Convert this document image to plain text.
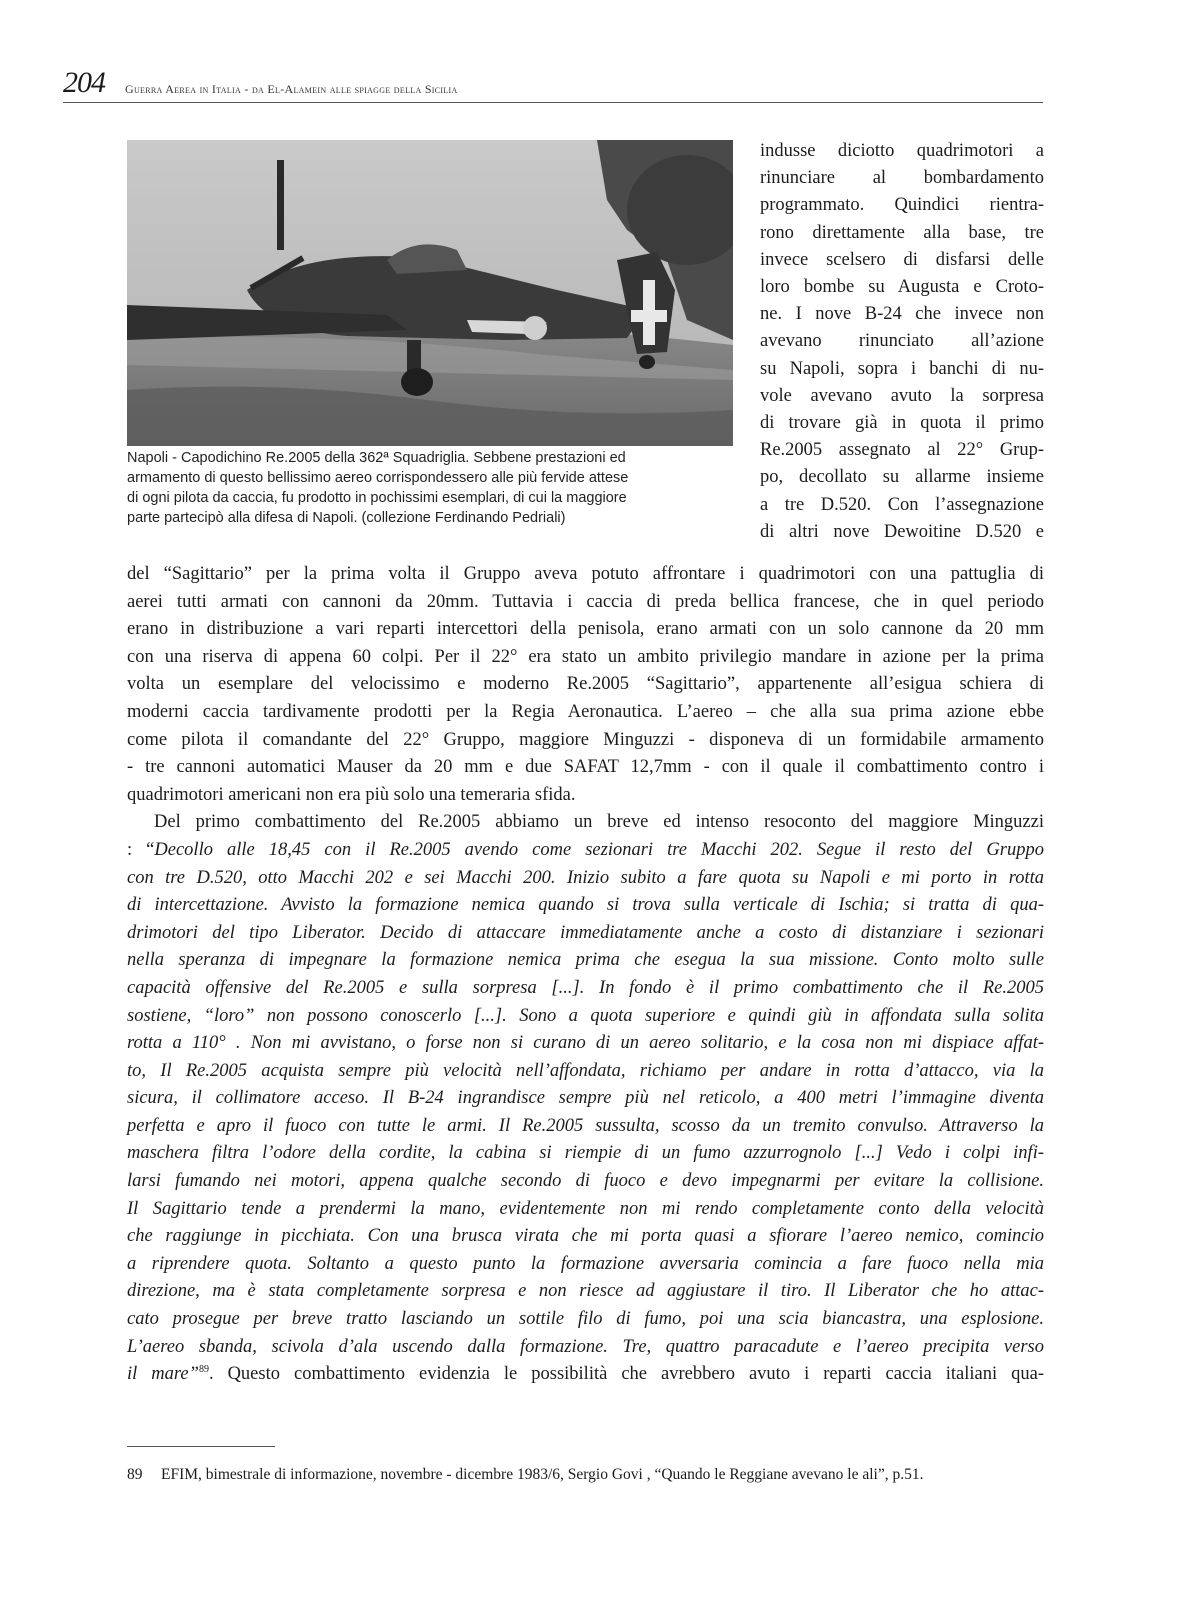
204 Guerra Aerea in Italia - da El-Alamein alle spiagge della Sicilia
Napoli - Capodichino Re.2005 della 362ª Squadriglia. Sebbene prestazioni ed
armamento di questo bellissimo aereo corrispondessero alle più fervide attese
di ogni pilota da caccia, fu prodotto in pochissimi esemplari, di cui la maggiore
parte partecipò alla difesa di Napoli. (collezione Ferdinando Pedriali)
indusse diciotto quadrimotori a
rinunciare al bombardamento
programmato. Quindici rientra-
rono direttamente alla base, tre
invece scelsero di disfarsi delle
loro bombe su Augusta e Croto-
ne. I nove B-24 che invece non
avevano rinunciato all’azione
su Napoli, sopra i banchi di nu-
vole avevano avuto la sorpresa
di trovare già in quota il primo
Re.2005 assegnato al 22° Grup-
po, decollato su allarme insieme
a tre D.520. Con l’assegnazione
di altri nove Dewoitine D.520 e
del “Sagittario” per la prima volta il Gruppo aveva potuto affrontare i quadrimotori con una pattuglia di
aerei tutti armati con cannoni da 20mm. Tuttavia i caccia di preda bellica francese, che in quel periodo
erano in distribuzione a vari reparti intercettori della penisola, erano armati con un solo cannone da 20 mm
con una riserva di appena 60 colpi. Per il 22° era stato un ambito privilegio mandare in azione per la prima
volta un esemplare del velocissimo e moderno Re.2005 “Sagittario”, appartenente all’esigua schiera di
moderni caccia tardivamente prodotti per la Regia Aeronautica. L’aereo – che alla sua prima azione ebbe
come pilota il comandante del 22° Gruppo, maggiore Minguzzi - disponeva di un formidabile armamento
- tre cannoni automatici Mauser da 20 mm e due SAFAT 12,7mm - con il quale il combattimento contro i
quadrimotori americani non era più solo una temeraria sfida.
Del primo combattimento del Re.2005 abbiamo un breve ed intenso resoconto del maggiore Minguzzi
: “Decollo alle 18,45 con il Re.2005 avendo come sezionari tre Macchi 202. Segue il resto del Gruppo
con tre D.520, otto Macchi 202 e sei Macchi 200. Inizio subito a fare quota su Napoli e mi porto in rotta
di intercettazione. Avvisto la formazione nemica quando si trova sulla verticale di Ischia; si tratta di qua-
drimotori del tipo Liberator. Decido di attaccare immediatamente anche a costo di distanziare i sezionari
nella speranza di impegnare la formazione nemica prima che esegua la sua missione. Conto molto sulle
capacità offensive del Re.2005 e sulla sorpresa [...]. In fondo è il primo combattimento che il Re.2005
sostiene, “loro” non possono conoscerlo [...]. Sono a quota superiore e quindi giù in affondata sulla solita
rotta a 110° . Non mi avvistano, o forse non si curano di un aereo solitario, e la cosa non mi dispiace affat-
to, Il Re.2005 acquista sempre più velocità nell’affondata, richiamo per andare in rotta d’attacco, via la
sicura, il collimatore acceso. Il B-24 ingrandisce sempre più nel reticolo, a 400 metri l’immagine diventa
perfetta e apro il fuoco con tutte le armi. Il Re.2005 sussulta, scosso da un tremito convulso. Attraverso la
maschera filtra l’odore della cordite, la cabina si riempie di un fumo azzurrognolo [...] Vedo i colpi infi-
larsi fumando nei motori, appena qualche secondo di fuoco e devo impegnarmi per evitare la collisione.
Il Sagittario tende a prendermi la mano, evidentemente non mi rendo completamente conto della velocità
che raggiunge in picchiata. Con una brusca virata che mi porta quasi a sfiorare l’aereo nemico, comincio
a riprendere quota. Soltanto a questo punto la formazione avversaria comincia a fare fuoco nella mia
direzione, ma è stata completamente sorpresa e non riesce ad aggiustare il tiro. Il Liberator che ho attac-
cato prosegue per breve tratto lasciando un sottile filo di fumo, poi una scia biancastra, una esplosione.
L’aereo sbanda, scivola d’ala uscendo dalla formazione. Tre, quattro paracadute e l’aereo precipita verso
il mare”$^{89}$. Questo combattimento evidenzia le possibilità che avrebbero avuto i reparti caccia italiani qua-
89 EFIM, bimestrale di informazione, novembre - dicembre 1983/6, Sergio Govi , “Quando le Reggiane avevano le ali”, p.51.
